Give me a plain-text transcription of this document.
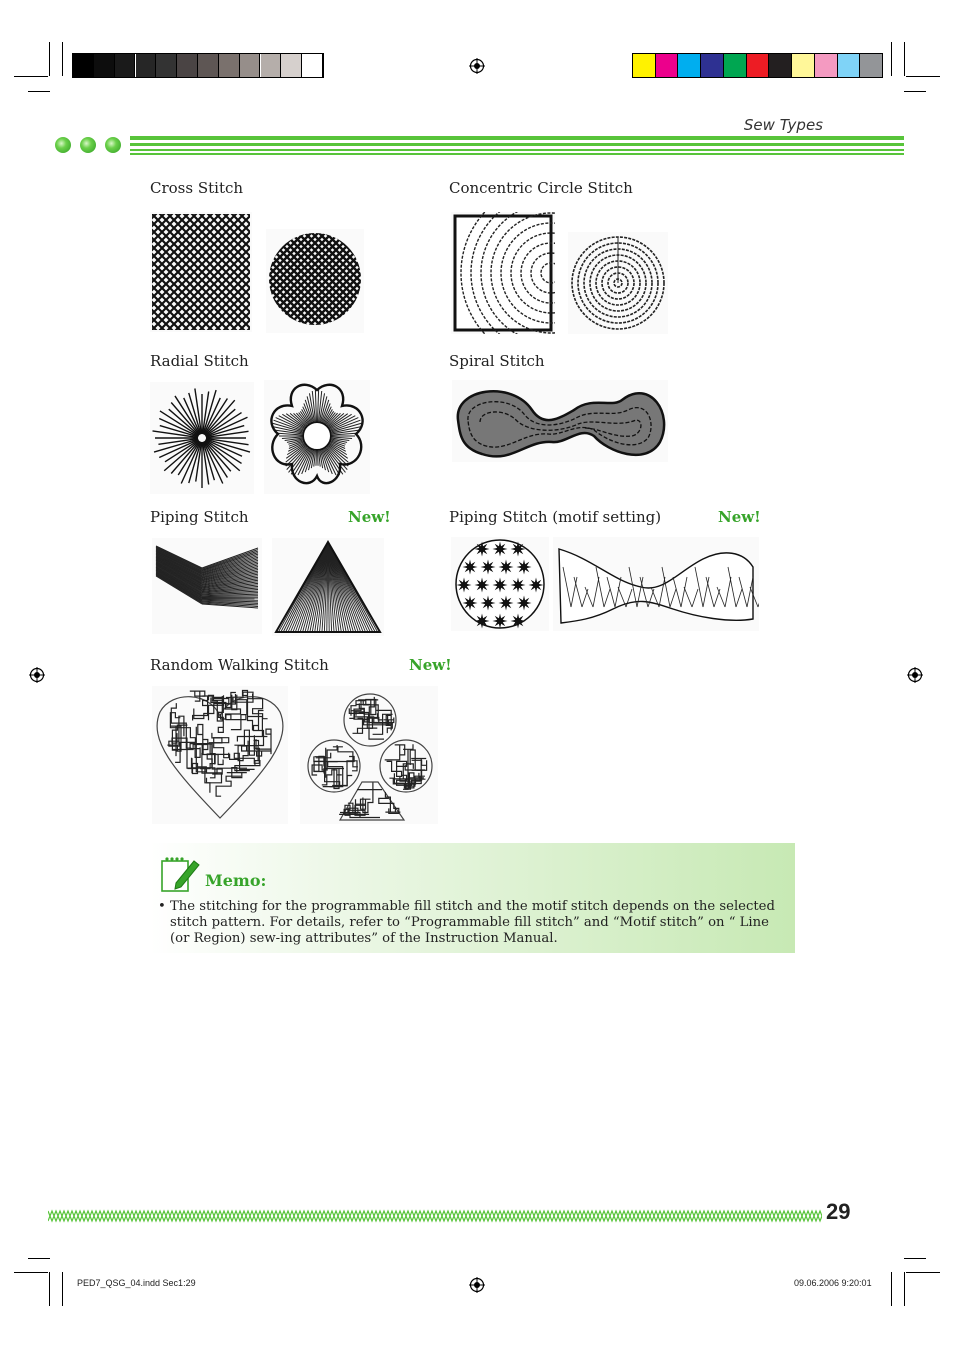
Sew Types
Cross Stitch	Concentric Circle Stitch
Radial Stitch	Spiral Stitch
Piping Stitch	New!	Piping Stitch (motif setting)	New!
Random Walking Stitch	New!
Memo:
• The stitching for the programmable fill stitch and the motif stitch depends on the selected stitch pattern. For details, refer to “Programmable fill stitch” and “Motif stitch” on “ Line (or Region) sew-ing attributes” of the Instruction Manual.
29
PED7_QSG_04.indd Sec1:29	09.06.2006 9:20:01
